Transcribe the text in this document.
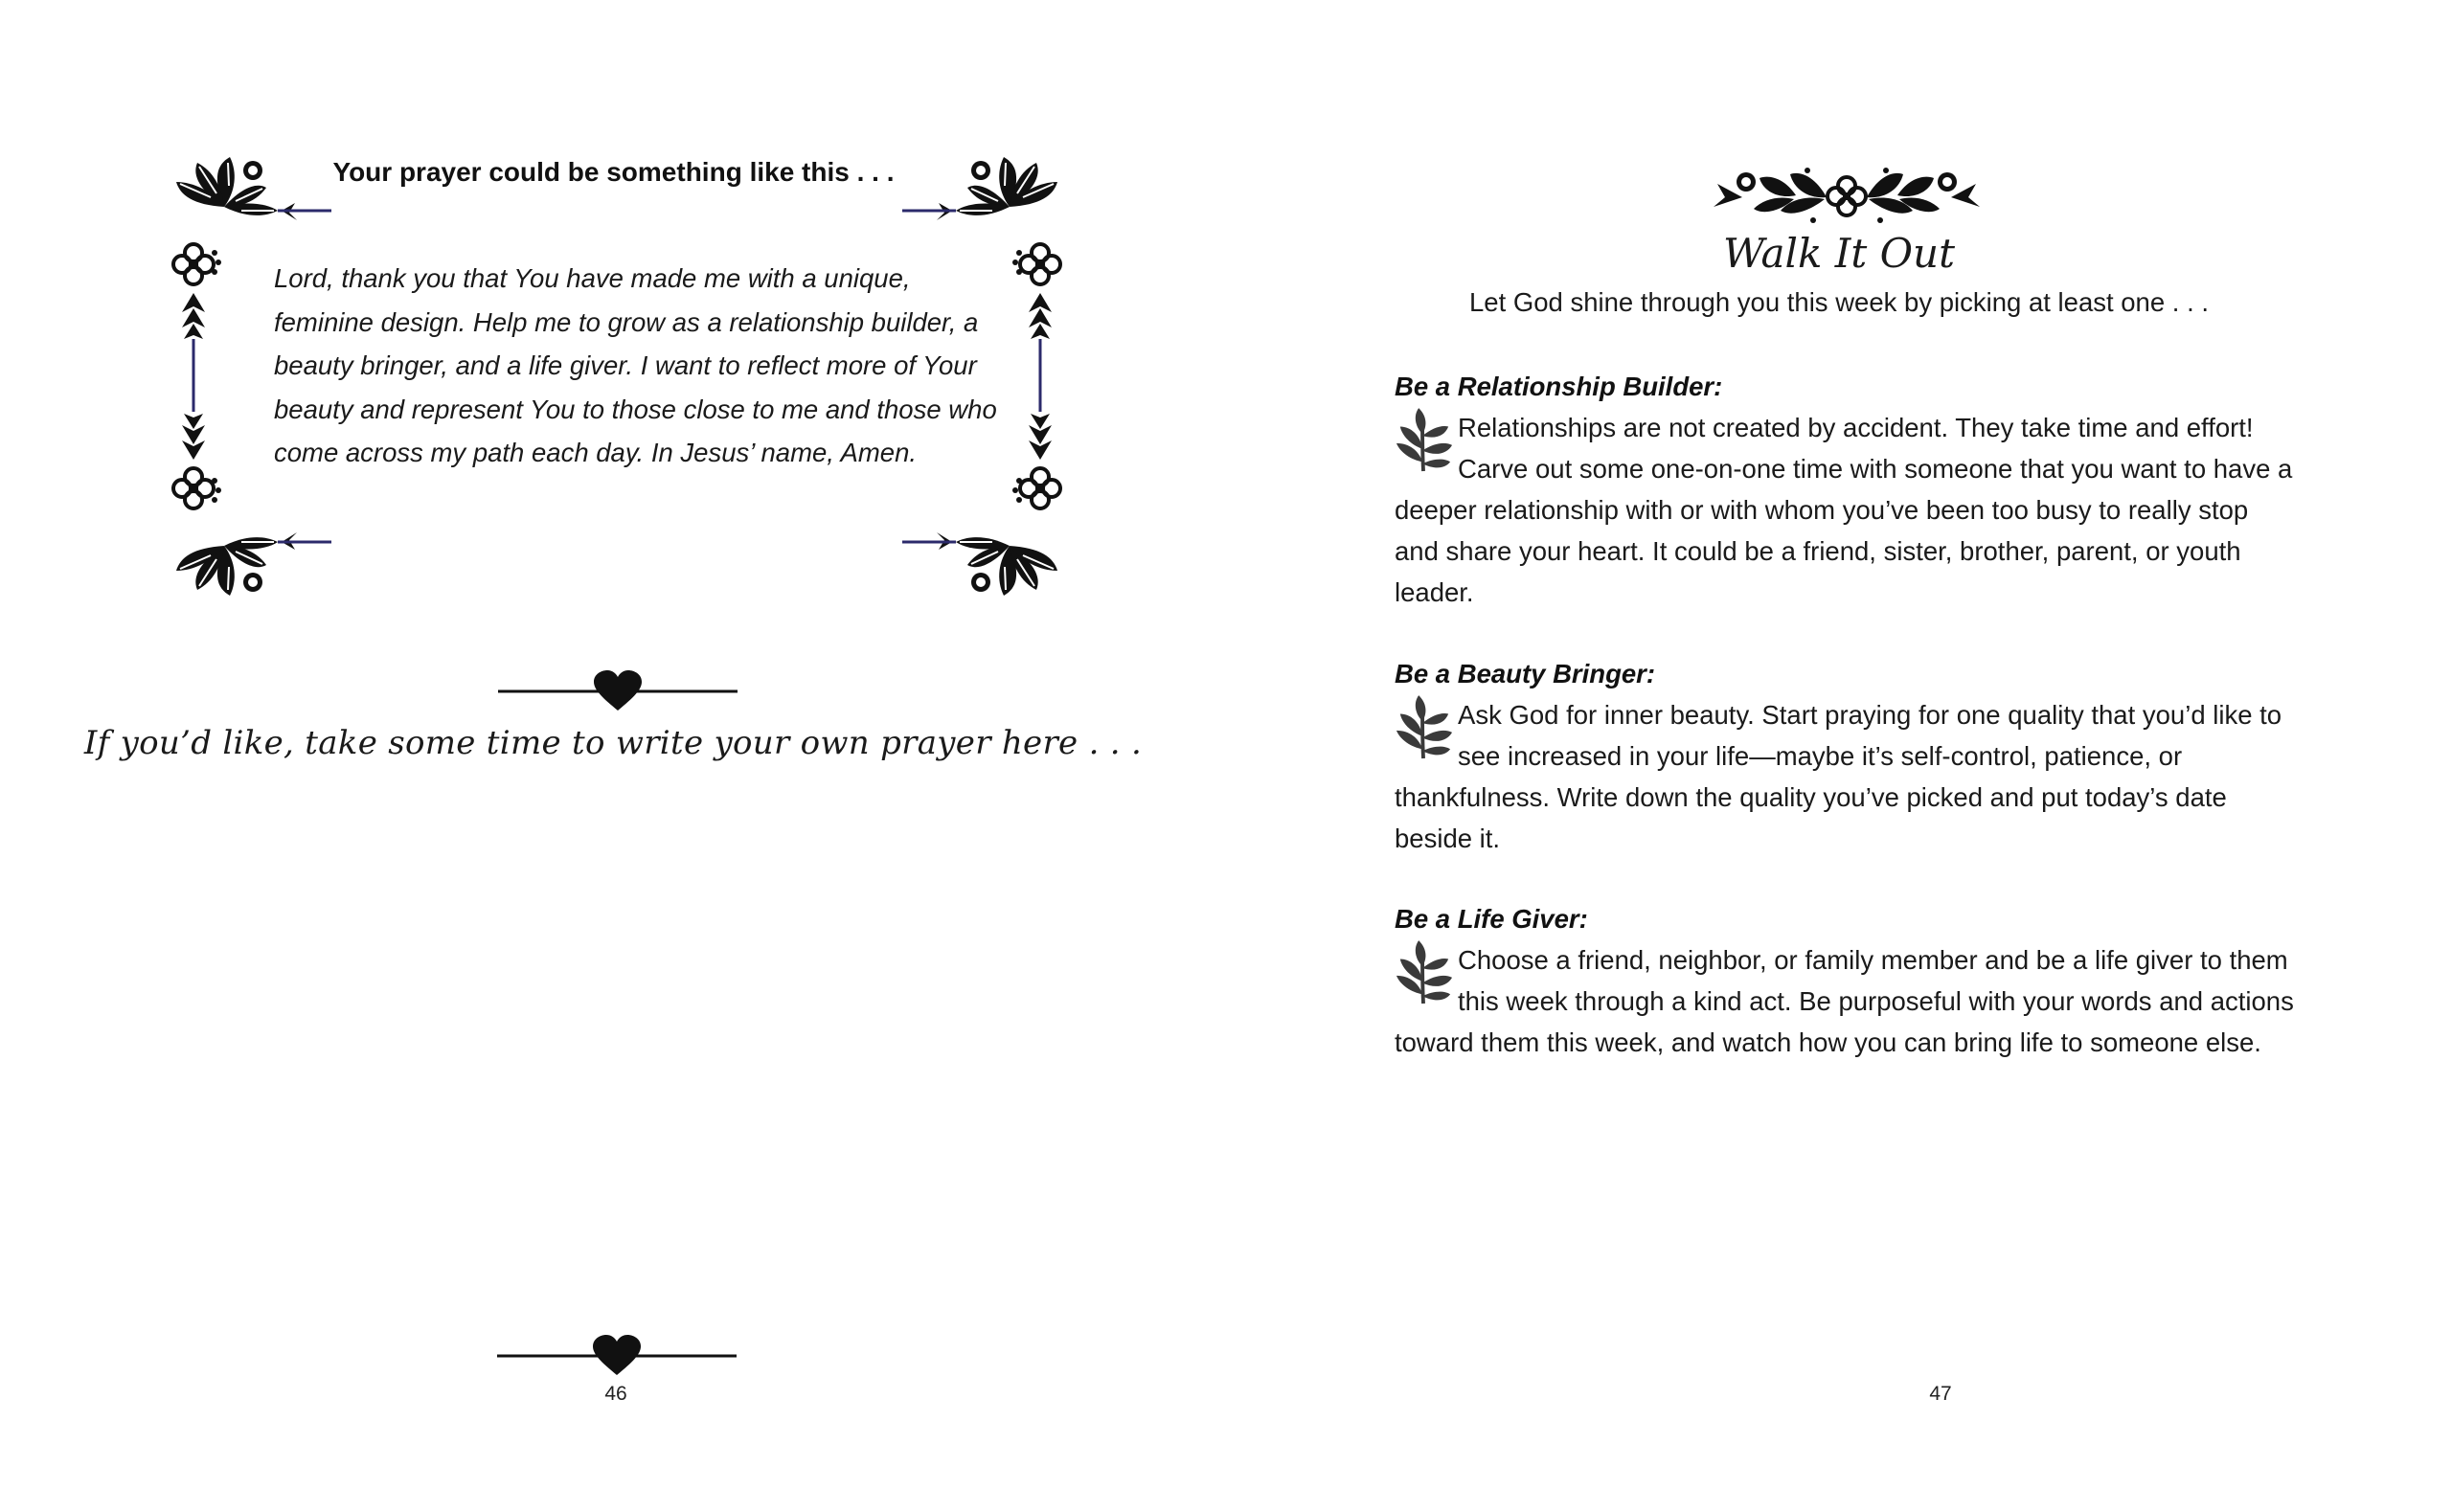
Your prayer could be something like this . . .
Lord, thank you that You have made me with a unique, feminine design. Help me to grow as a relationship builder, a beauty bringer, and a life giver. I want to reflect more of Your beauty and represent You to those close to me and those who come across my path each day. In Jesus’ name, Amen.
If you’d like, take some time to write your own prayer here . . .
46
Walk It Out
Let God shine through you this week by picking at least one . . .
Be a Relationship Builder:
Relationships are not created by accident. They take time and effort! Carve out some one-on-one time with someone that you want to have a deeper relationship with or with whom you’ve been too busy to really stop and share your heart. It could be a friend, sister, brother, parent, or youth leader.
Be a Beauty Bringer:
Ask God for inner beauty. Start praying for one quality that you’d like to see increased in your life—maybe it’s self-control, patience, or thankfulness. Write down the quality you’ve picked and put today’s date beside it.
Be a Life Giver:
Choose a friend, neighbor, or family member and be a life giver to them this week through a kind act. Be purposeful with your words and actions toward them this week, and watch how you can bring life to someone else.
47
